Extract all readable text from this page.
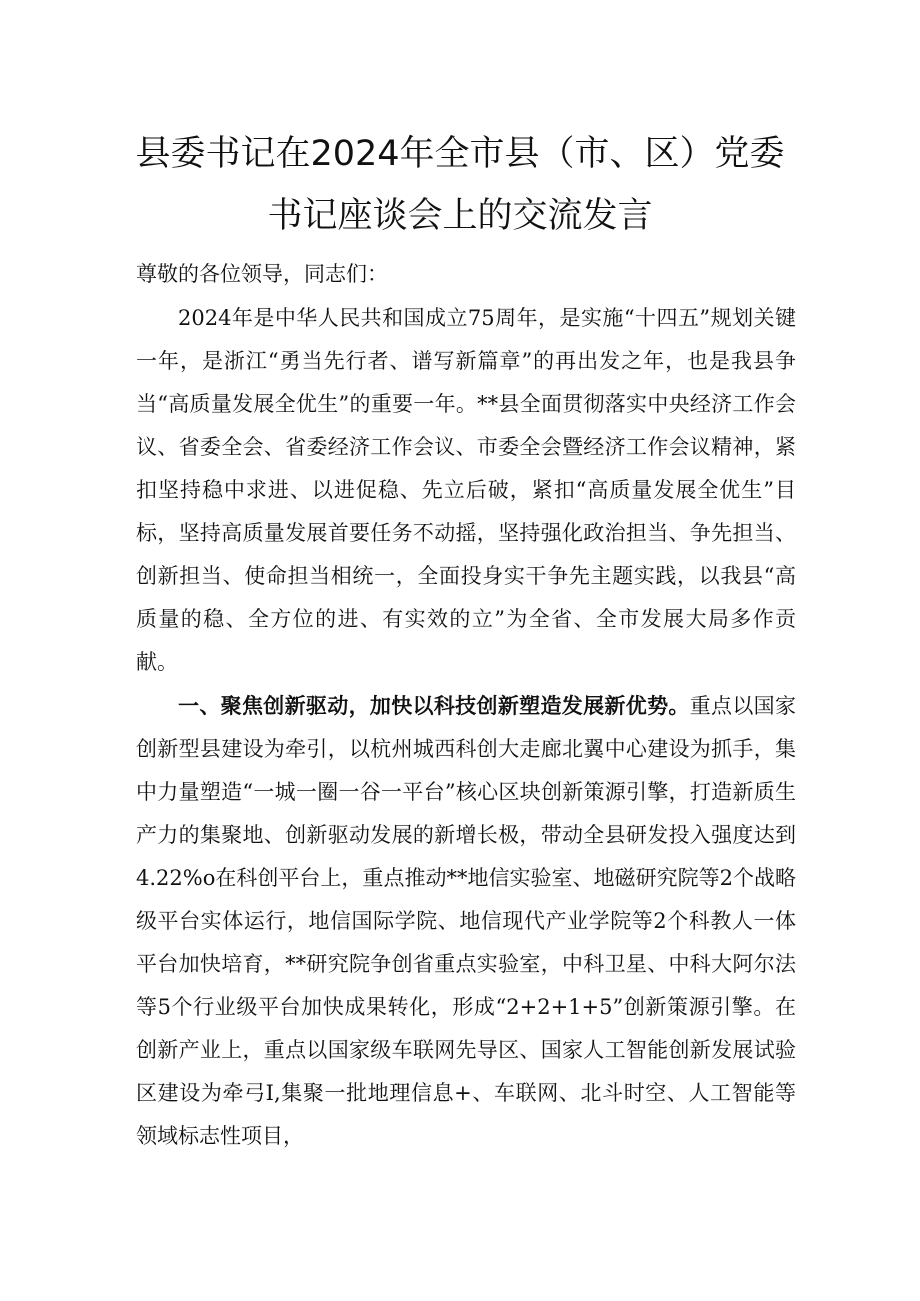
县委书记在2024年全市县（市、区）党委
书记座谈会上的交流发言

尊敬的各位领导，同志们：

2024年是中华人民共和国成立75周年，是实施“十四五”规划关键一年，是浙江“勇当先行者、谱写新篇章”的再出发之年，也是我县争当“高质量发展全优生”的重要一年。**县全面贯彻落实中央经济工作会议、省委全会、省委经济工作会议、市委全会暨经济工作会议精神，紧扣坚持稳中求进、以进促稳、先立后破，紧扣“高质量发展全优生”目标，坚持高质量发展首要任务不动摇，坚持强化政治担当、争先担当、创新担当、使命担当相统一，全面投身实干争先主题实践，以我县“高质量的稳、全方位的进、有实效的立”为全省、全市发展大局多作贡献。

一、聚焦创新驱动，加快以科技创新塑造发展新优势。重点以国家创新型县建设为牵引，以杭州城西科创大走廊北翼中心建设为抓手，集中力量塑造“一城一圈一谷一平台”核心区块创新策源引擎，打造新质生产力的集聚地、创新驱动发展的新增长极，带动全县研发投入强度达到4.22%o在科创平台上，重点推动**地信实验室、地磁研究院等2个战略级平台实体运行，地信国际学院、地信现代产业学院等2个科教人一体平台加快培育，**研究院争创省重点实验室，中科卫星、中科大阿尔法等5个行业级平台加快成果转化，形成“2+2+1+5”创新策源引擎。在创新产业上，重点以国家级车联网先导区、国家人工智能创新发展试验区建设为牵弓I,集聚一批地理信息+、车联网、北斗时空、人工智能等领域标志性项目，
